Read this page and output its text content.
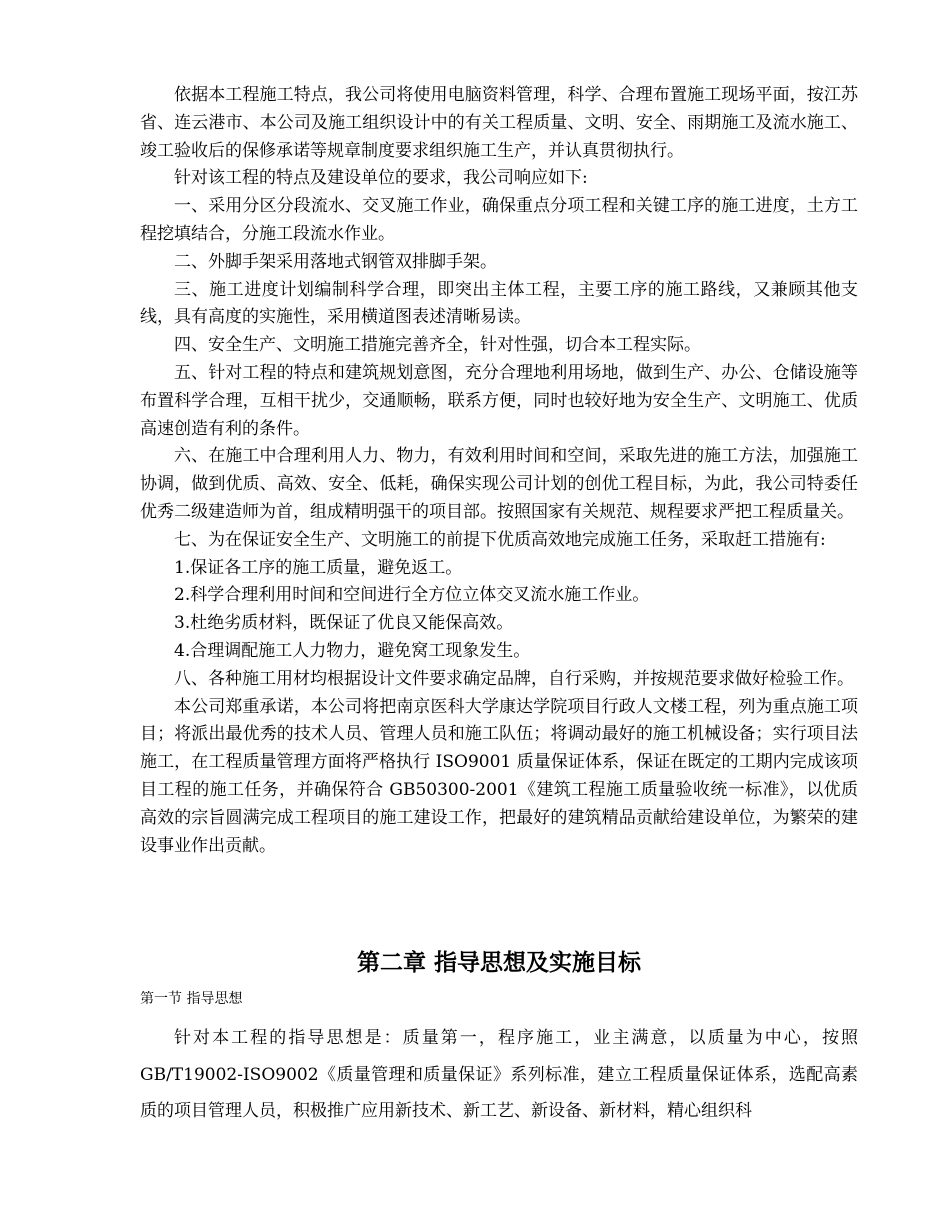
依据本工程施工特点，我公司将使用电脑资料管理，科学、合理布置施工现场平面，按江苏省、连云港市、本公司及施工组织设计中的有关工程质量、文明、安全、雨期施工及流水施工、竣工验收后的保修承诺等规章制度要求组织施工生产，并认真贯彻执行。

针对该工程的特点及建设单位的要求，我公司响应如下:

一、采用分区分段流水、交叉施工作业，确保重点分项工程和关键工序的施工进度，土方工程挖填结合，分施工段流水作业。

二、外脚手架采用落地式钢管双排脚手架。

三、施工进度计划编制科学合理，即突出主体工程，主要工序的施工路线，又兼顾其他支线，具有高度的实施性，采用横道图表述清晰易读。

四、安全生产、文明施工措施完善齐全，针对性强，切合本工程实际。

五、针对工程的特点和建筑规划意图，充分合理地利用场地，做到生产、办公、仓储设施等布置科学合理，互相干扰少，交通顺畅，联系方便，同时也较好地为安全生产、文明施工、优质高速创造有利的条件。

六、在施工中合理利用人力、物力，有效利用时间和空间，采取先进的施工方法，加强施工协调，做到优质、高效、安全、低耗，确保实现公司计划的创优工程目标，为此，我公司特委任优秀二级建造师为首，组成精明强干的项目部。按照国家有关规范、规程要求严把工程质量关。

七、为在保证安全生产、文明施工的前提下优质高效地完成施工任务，采取赶工措施有:

1.保证各工序的施工质量，避免返工。

2.科学合理利用时间和空间进行全方位立体交叉流水施工作业。

3.杜绝劣质材料，既保证了优良又能保高效。

4.合理调配施工人力物力，避免窝工现象发生。

八、各种施工用材均根据设计文件要求确定品牌，自行采购，并按规范要求做好检验工作。

本公司郑重承诺，本公司将把南京医科大学康达学院项目行政人文楼工程，列为重点施工项目；将派出最优秀的技术人员、管理人员和施工队伍；将调动最好的施工机械设备；实行项目法施工，在工程质量管理方面将严格执行 ISO9001 质量保证体系，保证在既定的工期内完成该项目工程的施工任务，并确保符合 GB50300-2001《建筑工程施工质量验收统一标准》，以优质高效的宗旨圆满完成工程项目的施工建设工作，把最好的建筑精品贡献给建设单位，为繁荣的建设事业作出贡献。

第二章 指导思想及实施目标
第一节 指导思想

针对本工程的指导思想是：质量第一，程序施工，业主满意，以质量为中心，按照 GB/T19002-ISO9002《质量管理和质量保证》系列标准，建立工程质量保证体系，选配高素质的项目管理人员，积极推广应用新技术、新工艺、新设备、新材料，精心组织科
